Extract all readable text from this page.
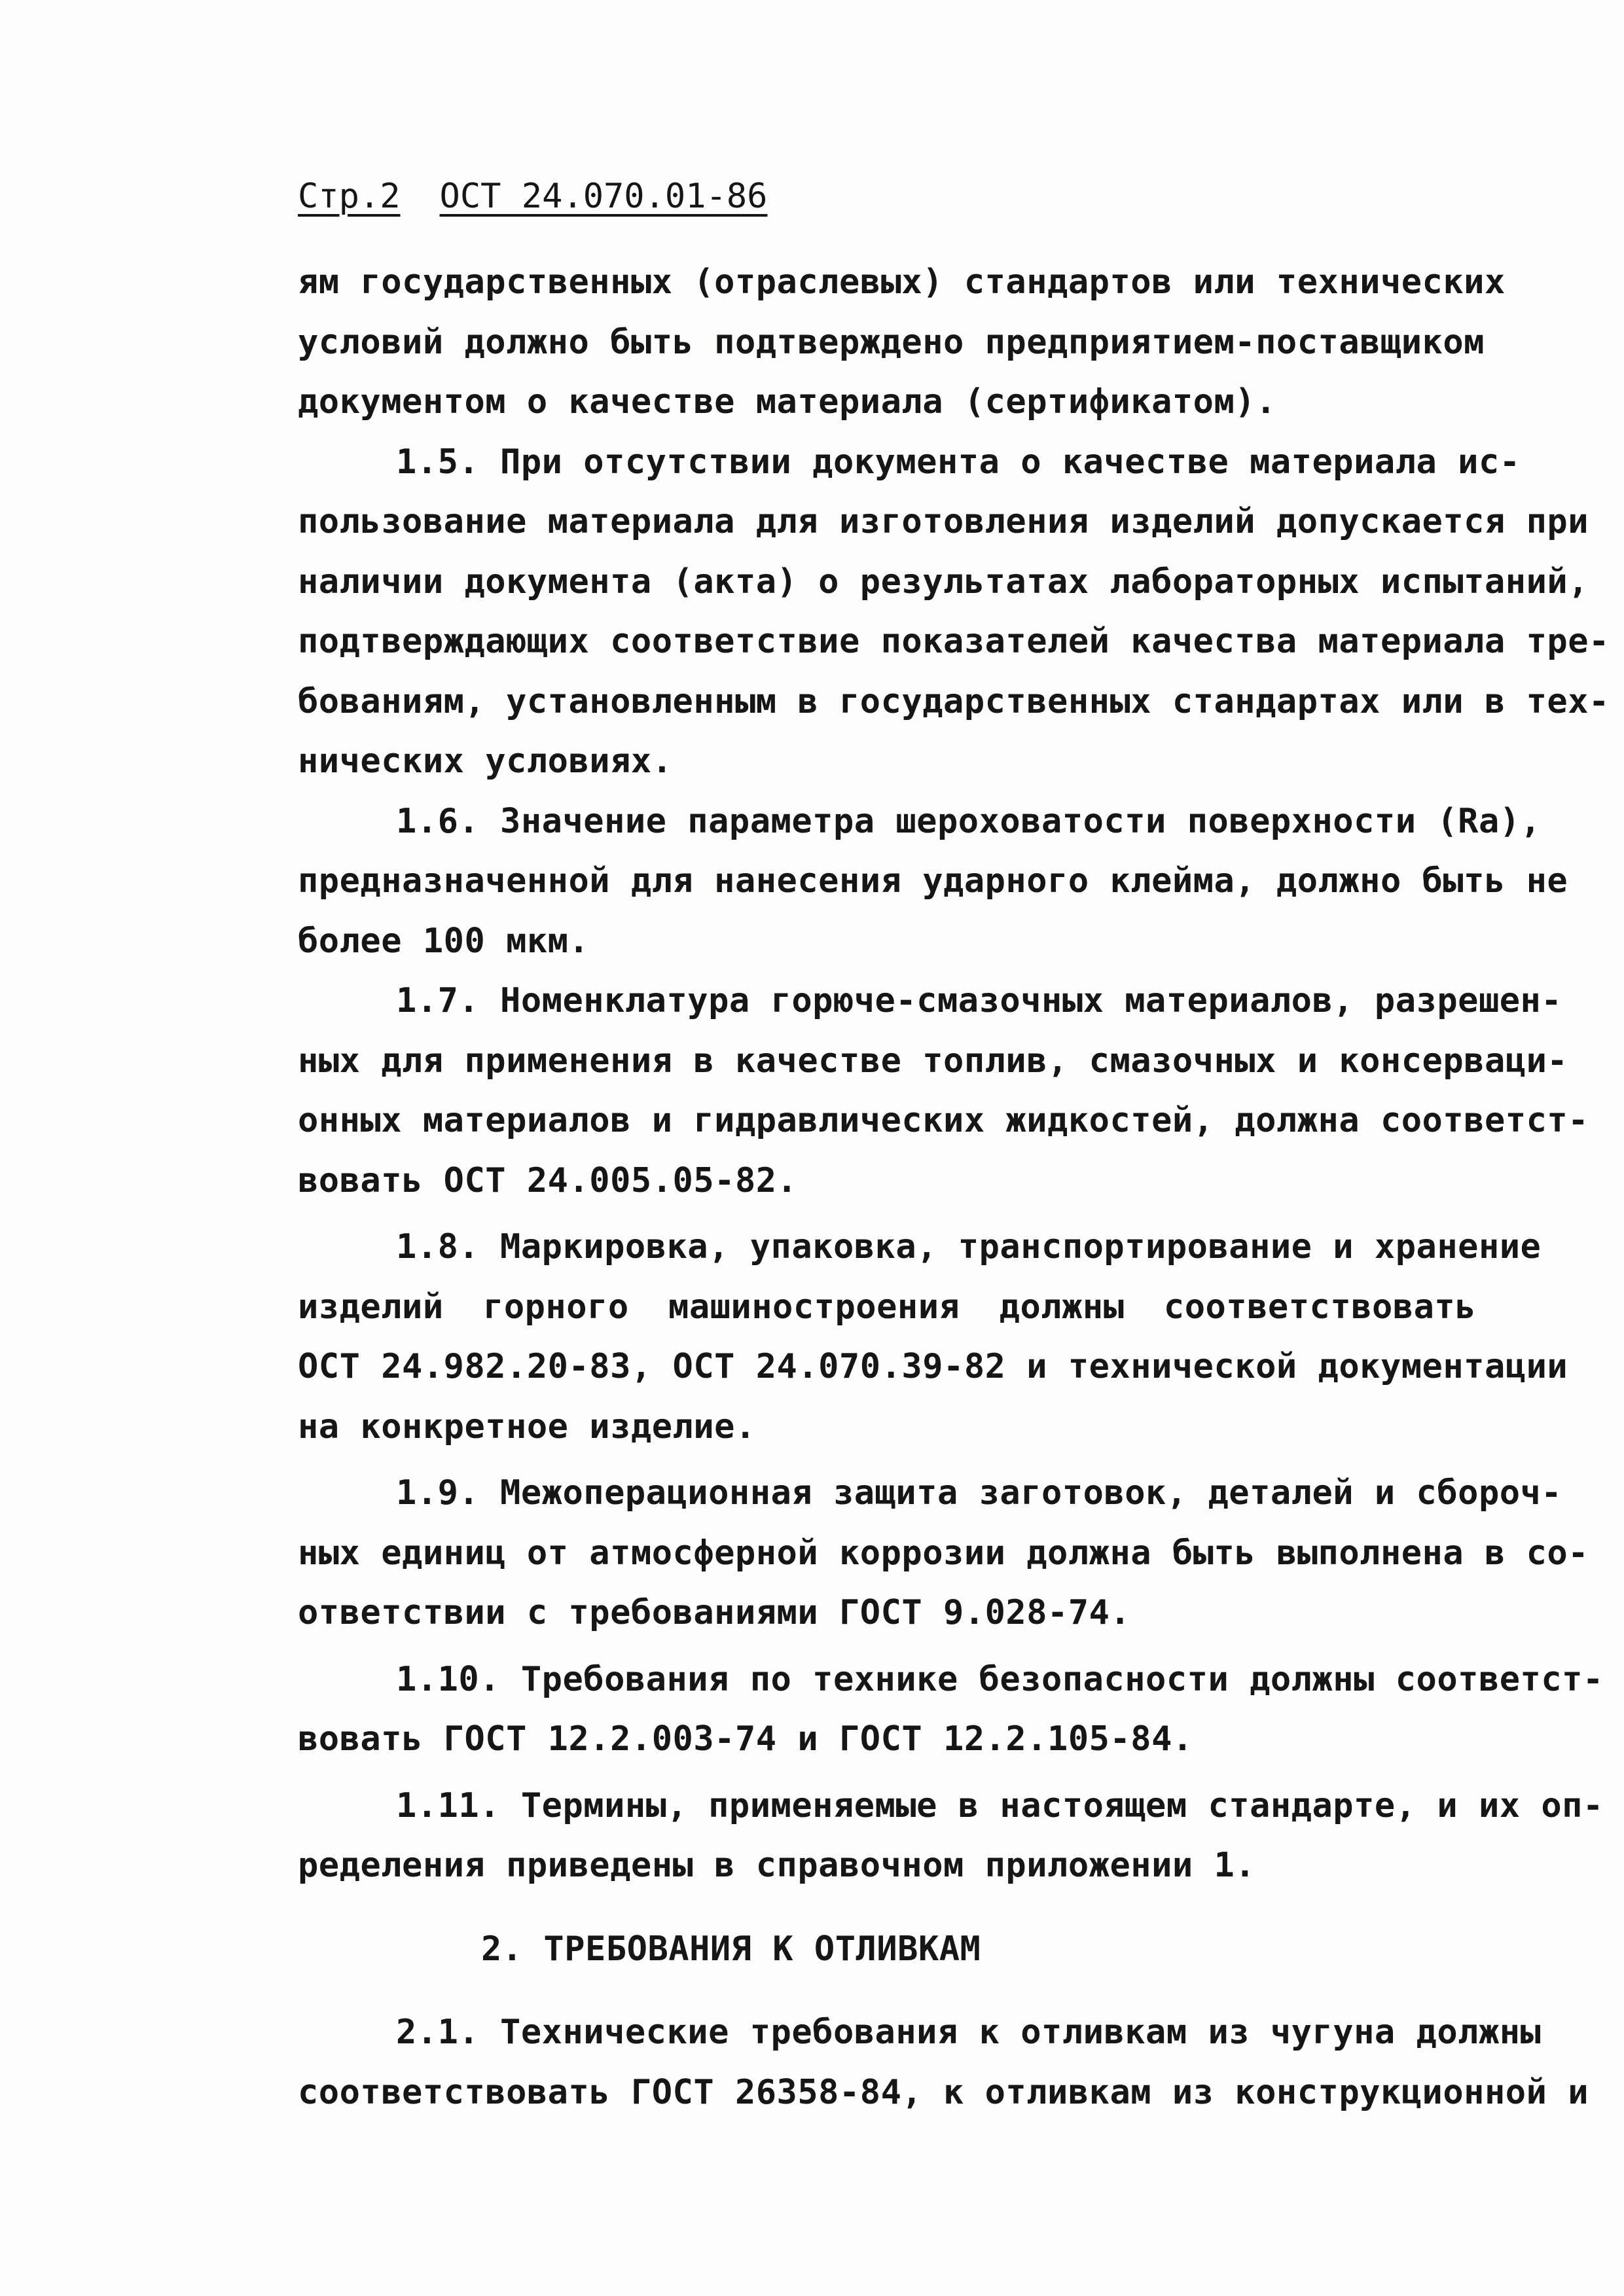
Стр.2 ОСТ 24.070.01-86
ям государственных (отраслевых) стандартов или технических
условий должно быть подтверждено предприятием-поставщиком
документом о качестве материала (сертификатом).
1.5. При отсутствии документа о качестве материала ис-
пользование материала для изготовления изделий допускается при
наличии документа (акта) о результатах лабораторных испытаний,
подтверждающих соответствие показателей качества материала тре-
бованиям, установленным в государственных стандартах или в тех-
нических условиях.
1.6. Значение параметра шероховатости поверхности (Ra),
предназначенной для нанесения ударного клейма, должно быть не
более 100 мкм.
1.7. Номенклатура горюче-смазочных материалов, разрешен-
ных для применения в качестве топлив, смазочных и консерваци-
онных материалов и гидравлических жидкостей, должна соответст-
вовать ОСТ 24.005.05-82.
1.8. Маркировка, упаковка, транспортирование и хранение
изделий горного машиностроения должны соответствовать
ОСТ 24.982.20-83, ОСТ 24.070.39-82 и технической документации
на конкретное изделие.
1.9. Межоперационная защита заготовок, деталей и сбороч-
ных единиц от атмосферной коррозии должна быть выполнена в со-
ответствии с требованиями ГОСТ 9.028-74.
1.10. Требования по технике безопасности должны соответст-
вовать ГОСТ 12.2.003-74 и ГОСТ 12.2.105-84.
1.11. Термины, применяемые в настоящем стандарте, и их оп-
ределения приведены в справочном приложении 1.
2. ТРЕБОВАНИЯ К ОТЛИВКАМ
2.1. Технические требования к отливкам из чугуна должны
соответствовать ГОСТ 26358-84, к отливкам из конструкционной и
